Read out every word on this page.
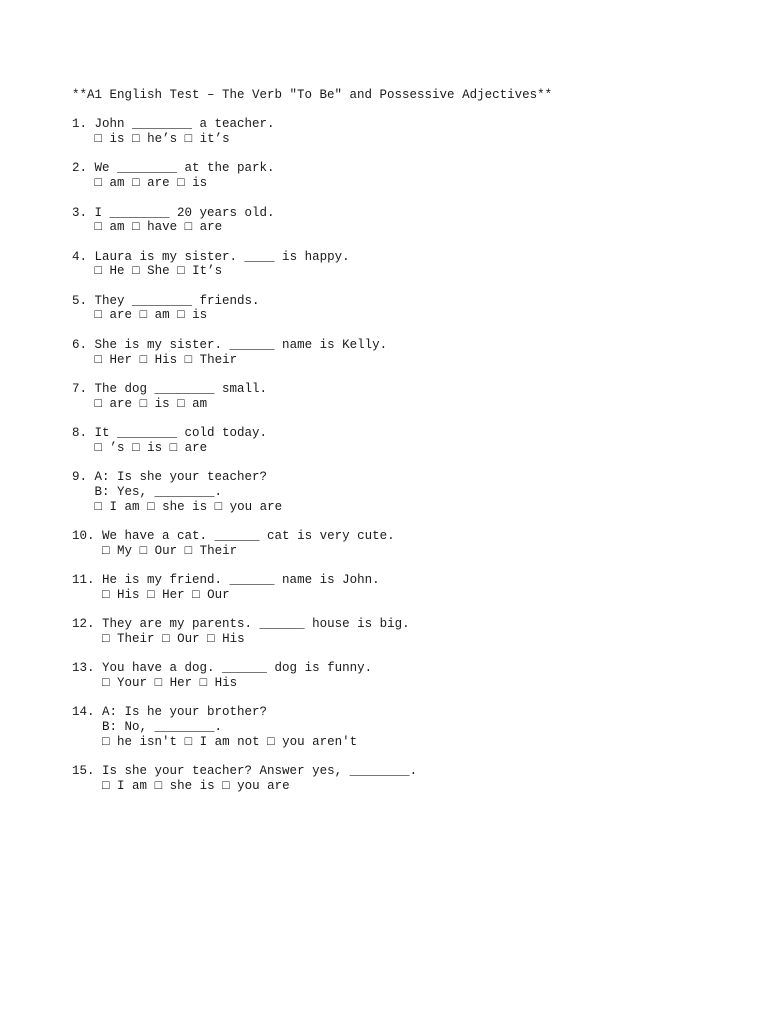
**A1 English Test – The Verb "To Be" and Possessive Adjectives**
1. John ________ a teacher.
□ is □ he’s □ it’s
2. We ________ at the park.
□ am □ are □ is
3. I ________ 20 years old.
□ am □ have □ are
4. Laura is my sister. ____ is happy.
□ He □ She □ It’s
5. They ________ friends.
□ are □ am □ is
6. She is my sister. ______ name is Kelly.
□ Her □ His □ Their
7. The dog ________ small.
□ are □ is □ am
8. It ________ cold today.
□ ’s □ is □ are
9. A: Is she your teacher?
B: Yes, ________.
□ I am □ she is □ you are
10. We have a cat. ______ cat is very cute.
□ My □ Our □ Their
11. He is my friend. ______ name is John.
□ His □ Her □ Our
12. They are my parents. ______ house is big.
□ Their □ Our □ His
13. You have a dog. ______ dog is funny.
□ Your □ Her □ His
14. A: Is he your brother?
B: No, ________.
□ he isn't □ I am not □ you aren't
15. Is she your teacher? Answer yes, ________.
□ I am □ she is □ you are
